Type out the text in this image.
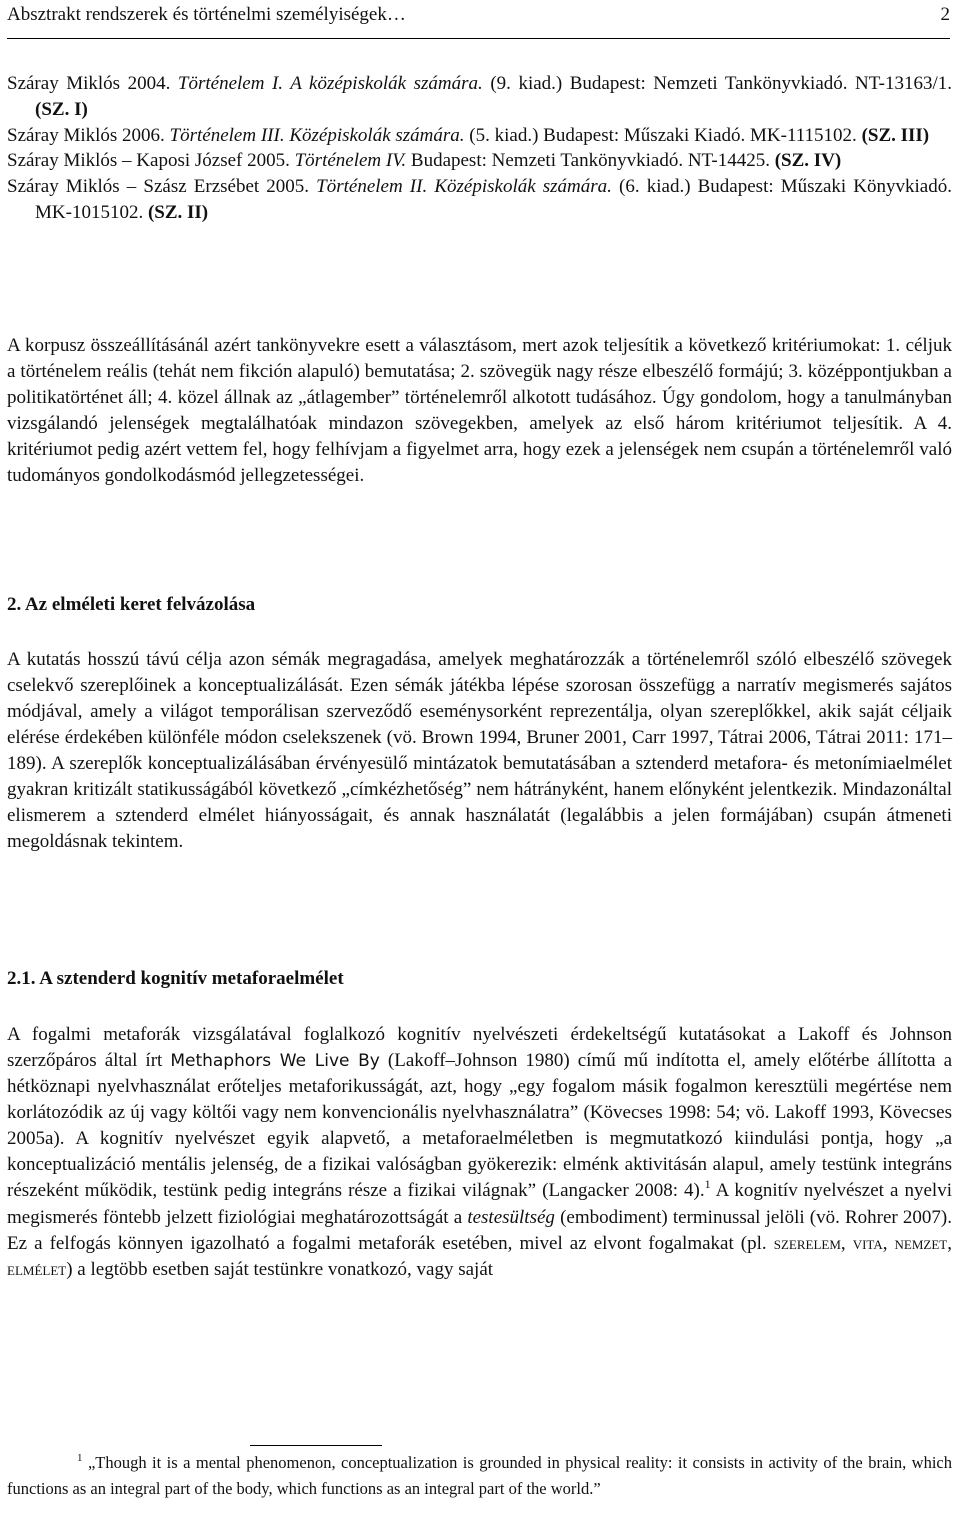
Absztrakt rendszerek és történelmi személyiségek…	2
Száray Miklós 2004. Történelem I. A középiskolák számára. (9. kiad.) Budapest: Nemzeti Tankönyvkiadó. NT-13163/1. (SZ. I)
Száray Miklós 2006. Történelem III. Középiskolák számára. (5. kiad.) Budapest: Műszaki Kiadó. MK-1115102. (SZ. III)
Száray Miklós – Kaposi József 2005. Történelem IV. Budapest: Nemzeti Tankönyvkiadó. NT-14425. (SZ. IV)
Száray Miklós – Szász Erzsébet 2005. Történelem II. Középiskolák számára. (6. kiad.) Budapest: Műszaki Könyvkiadó. MK-1015102. (SZ. II)

A korpusz összeállításánál azért tankönyvekre esett a választásom, mert azok teljesítik a következő kritériumokat: 1. céljuk a történelem reális (tehát nem fikción alapuló) bemutatása; 2. szövegük nagy része elbeszélő formájú; 3. középpontjukban a politikatörténet áll; 4. közel állnak az „átlagember” történelemről alkotott tudásához. Úgy gondolom, hogy a tanulmányban vizsgálandó jelenségek megtalálhatóak mindazon szövegekben, amelyek az első három kritériumot teljesítik. A 4. kritériumot pedig azért vettem fel, hogy felhívjam a figyelmet arra, hogy ezek a jelenségek nem csupán a történelemről való tudományos gondolkodásmód jellegzetességei.

2. Az elméleti keret felvázolása

A kutatás hosszú távú célja azon sémák megragadása, amelyek meghatározzák a történelemről szóló elbeszélő szövegek cselekvő szereplőinek a konceptualizálását. Ezen sémák játékba lépése szorosan összefügg a narratív megismerés sajátos módjával, amely a világot temporálisan szerveződő eseménysorként reprezentálja, olyan szereplőkkel, akik saját céljaik elérése érdekében különféle módon cselekszenek (vö. Brown 1994, Bruner 2001, Carr 1997, Tátrai 2006, Tátrai 2011: 171–189). A szereplők konceptualizálásában érvényesülő mintázatok bemutatásában a sztenderd metafora- és metonímiaelmélet gyakran kritizált statikusságából következő „címkézhetőség” nem hátrányként, hanem előnyként jelentkezik. Mindazonáltal elismerem a sztenderd elmélet hiányosságait, és annak használatát (legalábbis a jelen formájában) csupán átmeneti megoldásnak tekintem.

2.1. A sztenderd kognitív metaforaelmélet

A fogalmi metaforák vizsgálatával foglalkozó kognitív nyelvészeti érdekeltségű kutatásokat a Lakoff és Johnson szerzőpáros által írt Methaphors We Live By (Lakoff–Johnson 1980) című mű indította el, amely előtérbe állította a hétköznapi nyelvhasználat erőteljes metaforikusságát, azt, hogy „egy fogalom másik fogalmon keresztüli megértése nem korlátozódik az új vagy költői vagy nem konvencionális nyelvhasználatra” (Kövecses 1998: 54; vö. Lakoff 1993, Kövecses 2005a). A kognitív nyelvészet egyik alapvető, a metaforaelméletben is megmutatkozó kiindulási pontja, hogy „a konceptualizáció mentális jelenség, de a fizikai valóságban gyökerezik: elménk aktivitásán alapul, amely testünk integráns részeként működik, testünk pedig integráns része a fizikai világnak” (Langacker 2008: 4).$^1$ A kognitív nyelvészet a nyelvi megismerés föntebb jelzett fiziológiai meghatározottságát a testesültség (embodiment) terminussal jelöli (vö. Rohrer 2007). Ez a felfogás könnyen igazolható a fogalmi metaforák esetében, mivel az elvont fogalmakat (pl. szerelem, vita, nemzet, elmélet) a legtöbb esetben saját testünkre vonatkozó, vagy saját

$^1$ „Though it is a mental phenomenon, conceptualization is grounded in physical reality: it consists in activity of the brain, which functions as an integral part of the body, which functions as an integral part of the world.”
